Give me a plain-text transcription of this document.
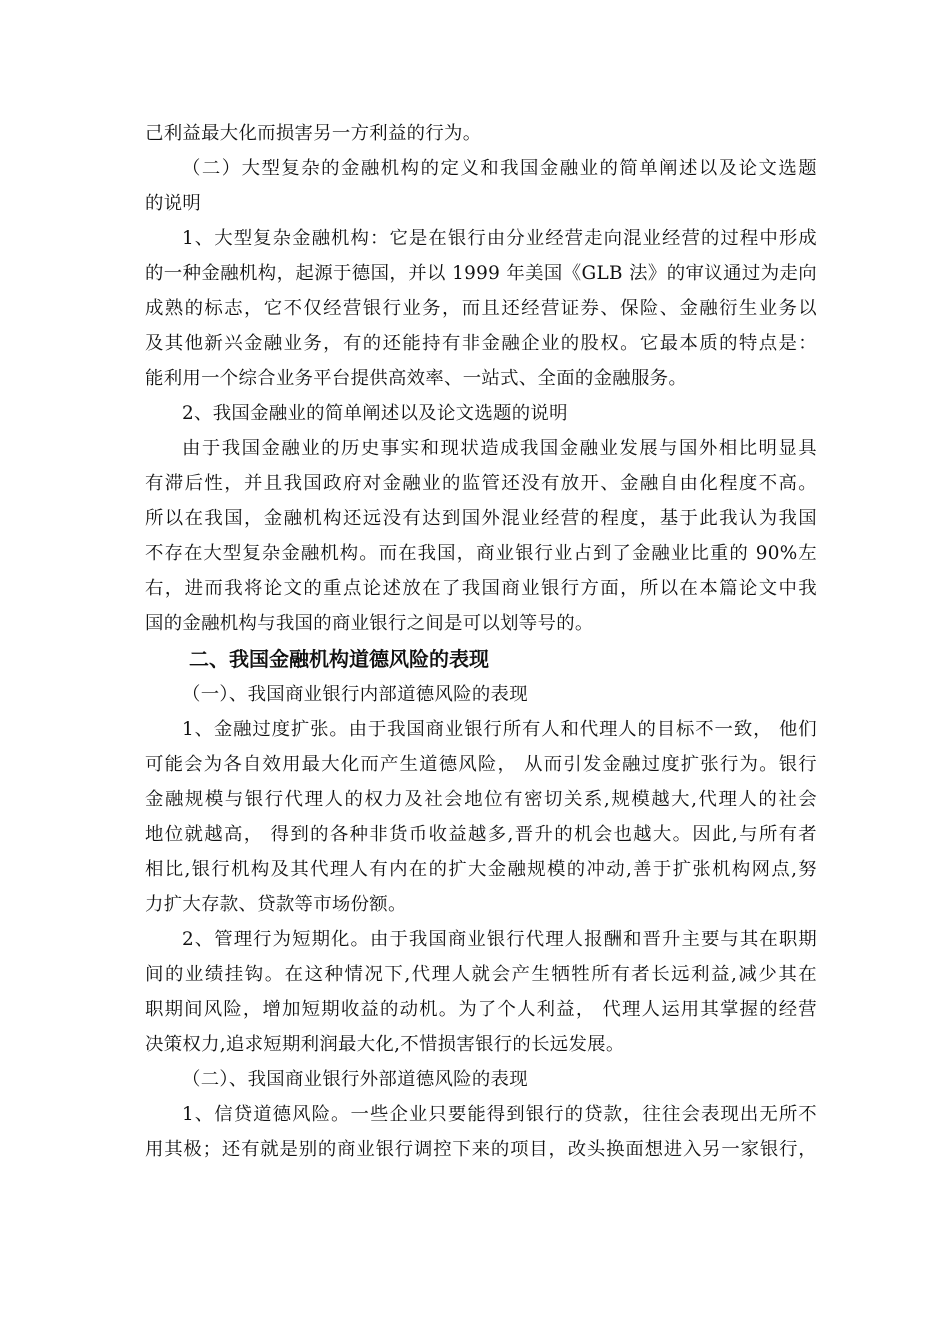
己利益最大化而损害另一方利益的行为。
（二）大型复杂的金融机构的定义和我国金融业的简单阐述以及论文选题
的说明
1、大型复杂金融机构：它是在银行由分业经营走向混业经营的过程中形成
的一种金融机构，起源于德国，并以 1999 年美国《GLB 法》的审议通过为走向
成熟的标志，它不仅经营银行业务，而且还经营证券、保险、金融衍生业务以
及其他新兴金融业务，有的还能持有非金融企业的股权。它最本质的特点是：
能利用一个综合业务平台提供高效率、一站式、全面的金融服务。
2、我国金融业的简单阐述以及论文选题的说明
由于我国金融业的历史事实和现状造成我国金融业发展与国外相比明显具
有滞后性，并且我国政府对金融业的监管还没有放开、金融自由化程度不高。
所以在我国，金融机构还远没有达到国外混业经营的程度，基于此我认为我国
不存在大型复杂金融机构。而在我国，商业银行业占到了金融业比重的 90%左
右，进而我将论文的重点论述放在了我国商业银行方面，所以在本篇论文中我
国的金融机构与我国的商业银行之间是可以划等号的。
二、我国金融机构道德风险的表现
（一）、我国商业银行内部道德风险的表现
1、金融过度扩张。由于我国商业银行所有人和代理人的目标不一致， 他们
可能会为各自效用最大化而产生道德风险， 从而引发金融过度扩张行为。银行
金融规模与银行代理人的权力及社会地位有密切关系,规模越大,代理人的社会
地位就越高， 得到的各种非货币收益越多,晋升的机会也越大。因此,与所有者
相比,银行机构及其代理人有内在的扩大金融规模的冲动,善于扩张机构网点,努
力扩大存款、贷款等市场份额。
2、管理行为短期化。由于我国商业银行代理人报酬和晋升主要与其在职期
间的业绩挂钩。在这种情况下,代理人就会产生牺牲所有者长远利益,减少其在
职期间风险，增加短期收益的动机。为了个人利益， 代理人运用其掌握的经营
决策权力,追求短期利润最大化,不惜损害银行的长远发展。
（二）、我国商业银行外部道德风险的表现
1、信贷道德风险。一些企业只要能得到银行的贷款，往往会表现出无所不
用其极；还有就是别的商业银行调控下来的项目，改头换面想进入另一家银行，
